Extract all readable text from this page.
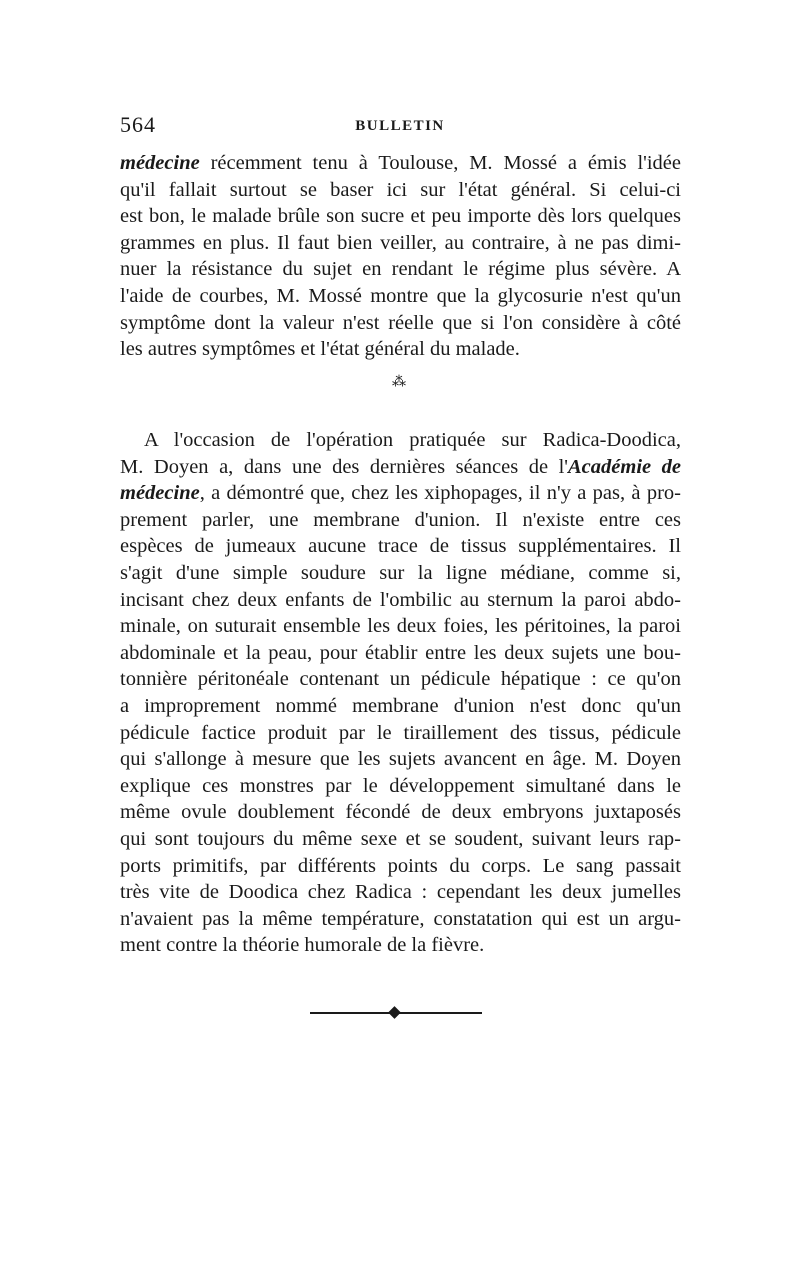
564	BULLETIN
médecine récemment tenu à Toulouse, M. Mossé a émis l'idée
qu'il fallait surtout se baser ici sur l'état général. Si celui-ci
est bon, le malade brûle son sucre et peu importe dès lors quelques
grammes en plus. Il faut bien veiller, au contraire, à ne pas dimi-
nuer la résistance du sujet en rendant le régime plus sévère. A
l'aide de courbes, M. Mossé montre que la glycosurie n'est qu'un
symptôme dont la valeur n'est réelle que si l'on considère à côté
les autres symptômes et l'état général du malade.
⁂
A l'occasion de l'opération pratiquée sur Radica-Doodica,
M. Doyen a, dans une des dernières séances de l'Académie de
médecine, a démontré que, chez les xiphopages, il n'y a pas, à pro-
prement parler, une membrane d'union. Il n'existe entre ces
espèces de jumeaux aucune trace de tissus supplémentaires. Il
s'agit d'une simple soudure sur la ligne médiane, comme si,
incisant chez deux enfants de l'ombilic au sternum la paroi abdo-
minale, on suturait ensemble les deux foies, les péritoines, la paroi
abdominale et la peau, pour établir entre les deux sujets une bou-
tonnière péritonéale contenant un pédicule hépatique : ce qu'on
a improprement nommé membrane d'union n'est donc qu'un
pédicule factice produit par le tiraillement des tissus, pédicule
qui s'allonge à mesure que les sujets avancent en âge. M. Doyen
explique ces monstres par le développement simultané dans le
même ovule doublement fécondé de deux embryons juxtaposés
qui sont toujours du même sexe et se soudent, suivant leurs rap-
ports primitifs, par différents points du corps. Le sang passait
très vite de Doodica chez Radica : cependant les deux jumelles
n'avaient pas la même température, constatation qui est un argu-
ment contre la théorie humorale de la fièvre.
